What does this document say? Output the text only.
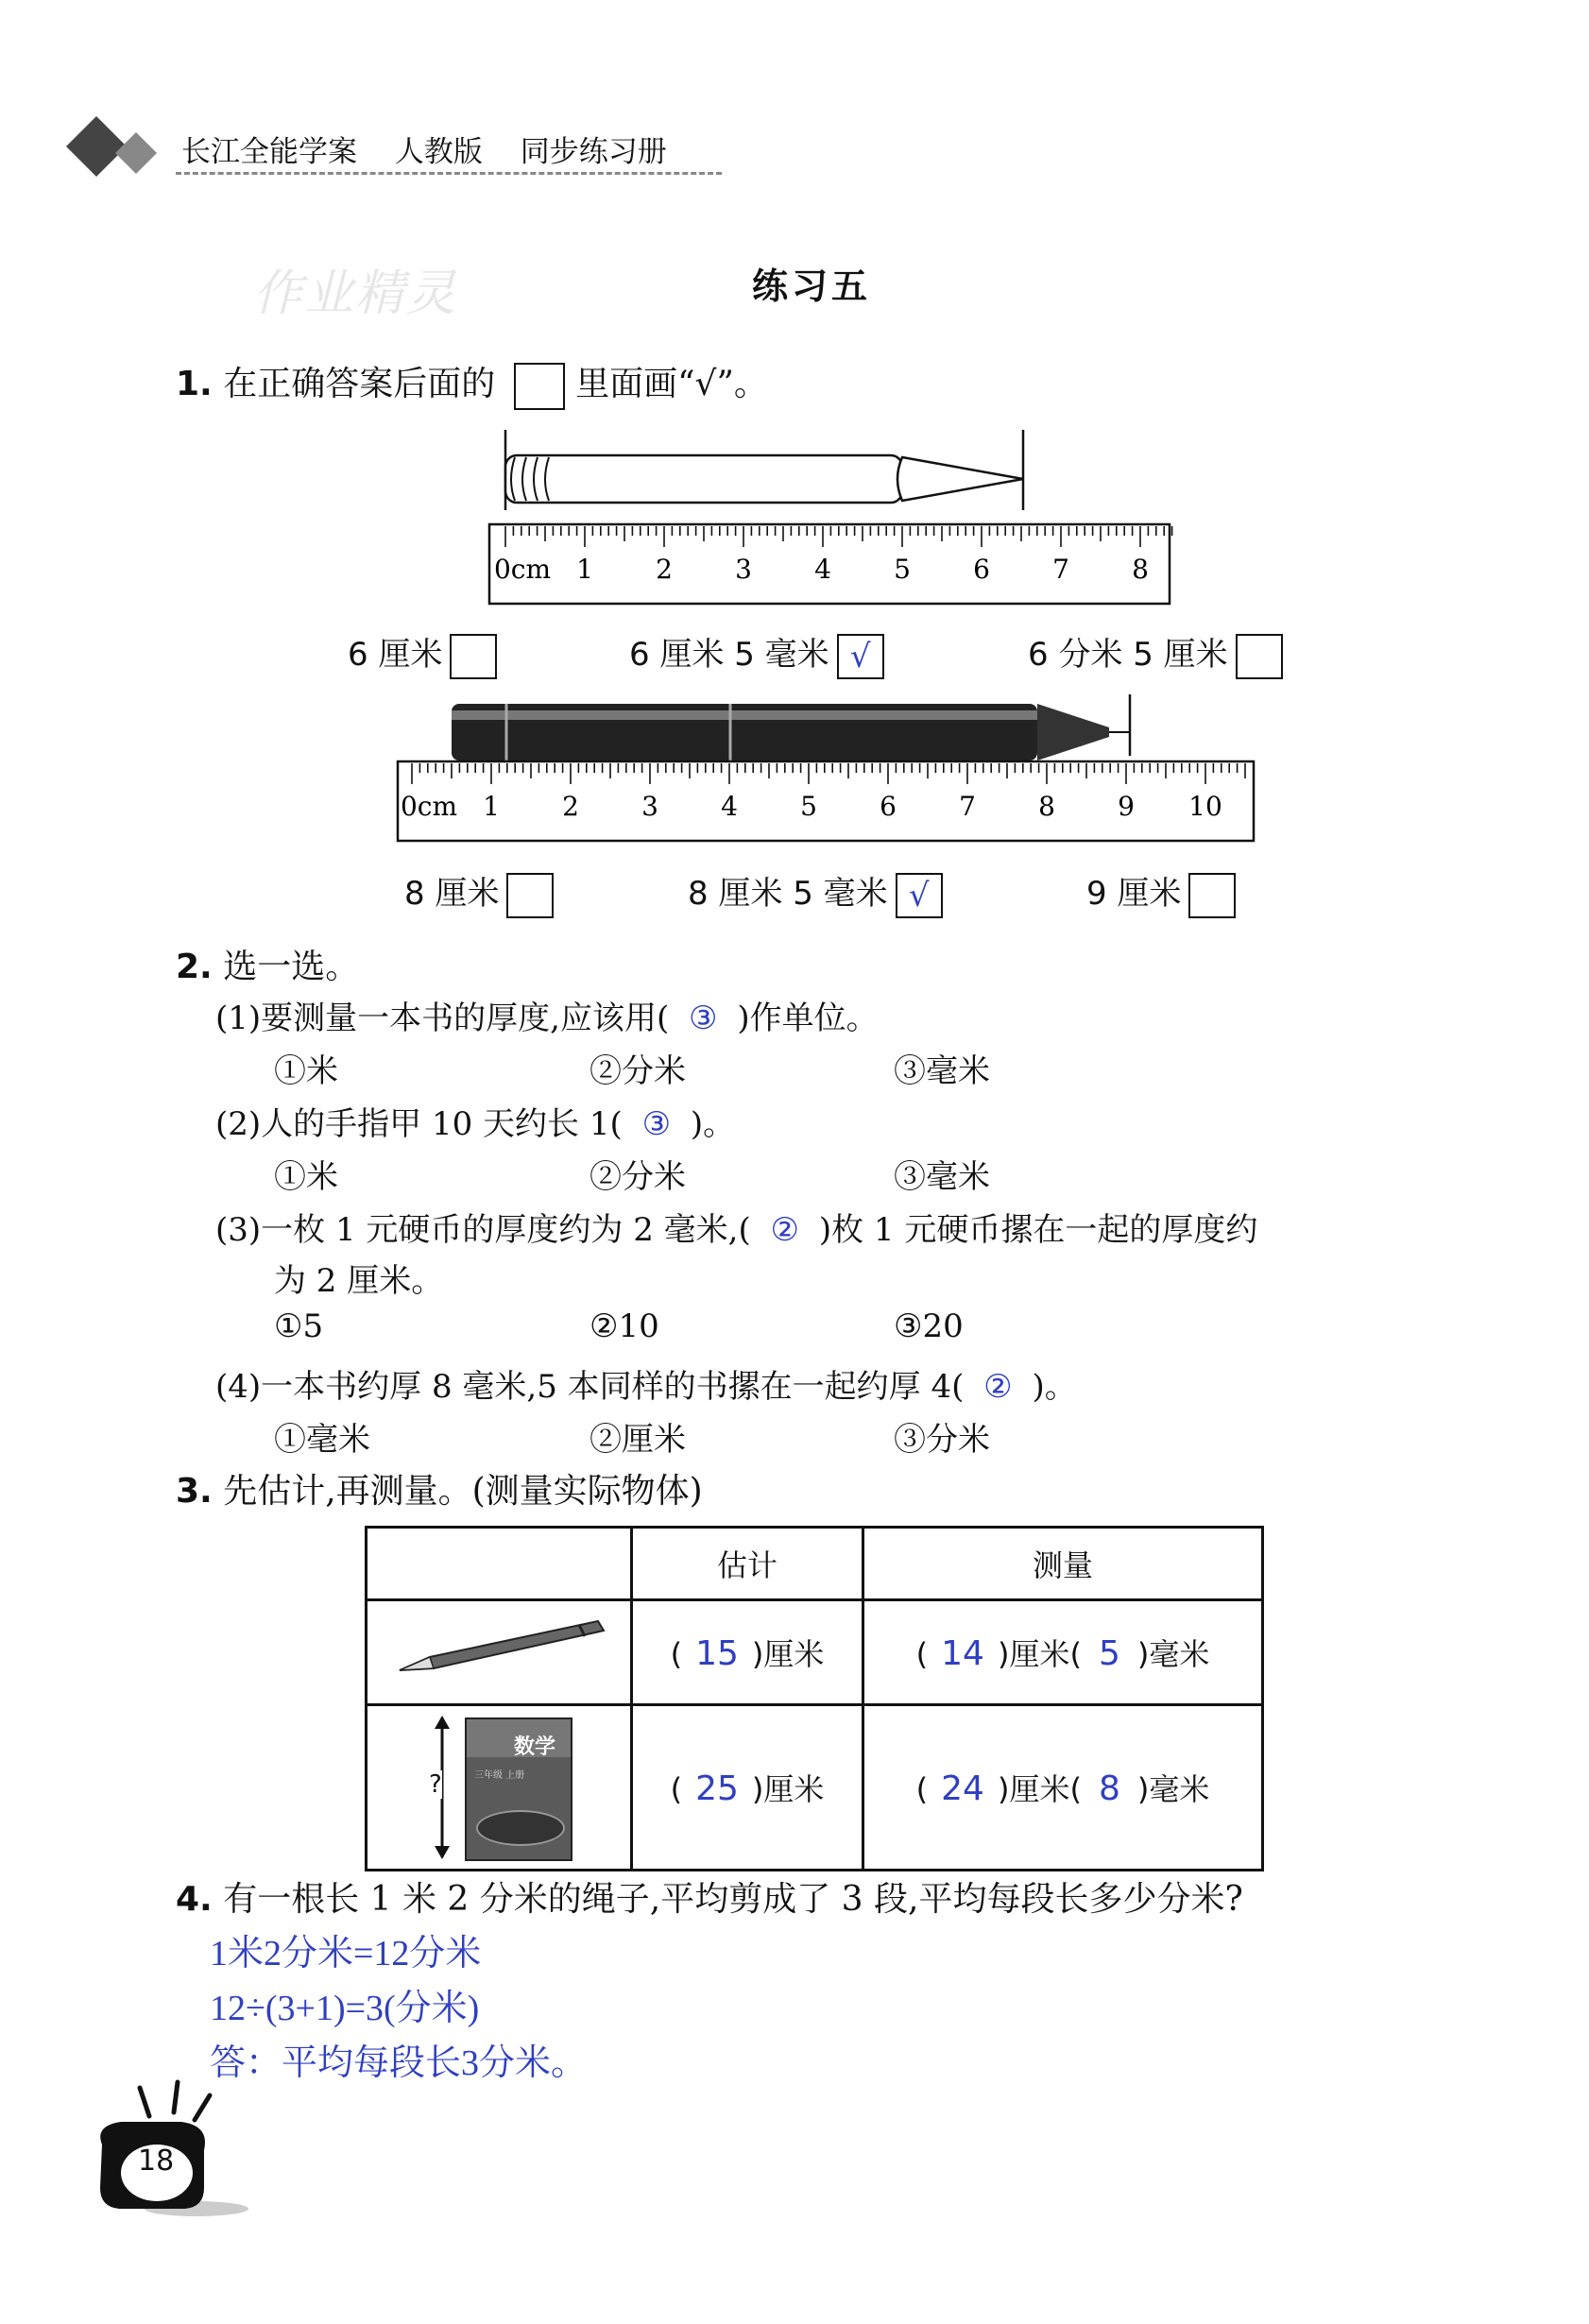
长江全能学案 人教版 同步练习册
作业精灵	练习五
1. 在正确答案后面的 里面画“√”。
0cm 1 2 3 4 5 6 7 8
6 厘米	6 厘米 5 毫米 √	6 分米 5 厘米
0cm 1 2 3 4 5 6 7 8 9 10
8 厘米	8 厘米 5 毫米 √	9 厘米
2. 选一选。
(1)要测量一本书的厚度,应该用( ③ )作单位。
①米	②分米	③毫米
(2)人的手指甲 10 天约长 1( ③ )。
①米	②分米	③毫米
(3)一枚 1 元硬币的厚度约为 2 毫米,( ② )枚 1 元硬币摞在一起的厚度约
为 2 厘米。
①5	②10	③20
(4)一本书约厚 8 毫米,5 本同样的书摞在一起约厚 4( ② )。
①毫米	②厘米	③分米
3. 先估计,再测量。(测量实际物体)
	估计	测量
	( 15 )厘米	( 14 )厘米( 5 )毫米

?
数学
三年级 上册	( 25 )厘米	( 24 )厘米( 8 )毫米
4. 有一根长 1 米 2 分米的绳子,平均剪成了 3 段,平均每段长多少分米?
1米2分米=12分米
12÷(3+1)=3(分米)
答：平均每段长3分米。
18
